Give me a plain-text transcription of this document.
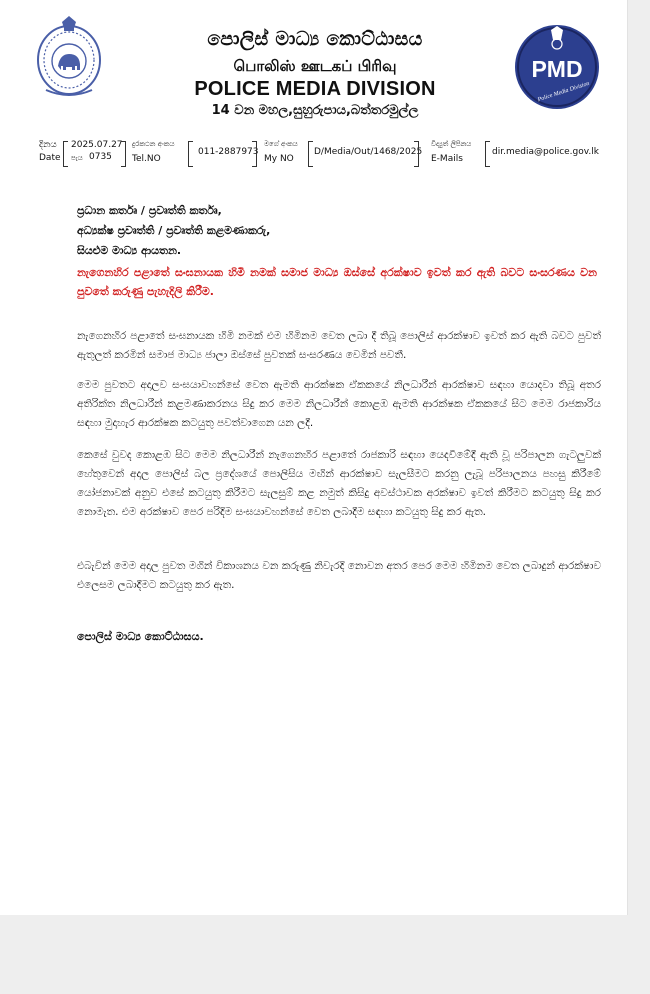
පොලිස් මාධ්‍ය කොට්ඨාසය
பொலிஸ் ஊடகப் பிரிவு
POLICE MEDIA DIVISION
14 වන මහල,සුහුරුපාය,බත්තරමුල්ල
PMD
Police Media Division
දිනය
Date
2025.07.27
පැය 0735
දුරකථන අංකය
Tel.NO
011-2887973
මගේ අංකය
My NO
D/Media/Out/1468/2025
විද්‍යුත් ලිපිනය
E-Mails
dir.media@police.gov.lk
ප්‍රධාන කර්තෘ / ප්‍රවෘත්ති කර්තෘ,
අධ්‍යක්ෂ ප්‍රවෘත්ති / ප්‍රවෘත්ති කළමණාකරු,
සියළුම මාධ්‍ය ආයතන.
නැගෙනහිර පළාතේ සංඝනායක හිමි නමක් සමාජ මාධ්‍ය ඔස්සේ අරක්ෂාව ඉවත් කර ඇති බවට සංසරණය වන පුවතේ කරුණු පැහැදිලි කිරීම.
නැගෙනහිර පළාතේ සංඝනායක හිමි නමක් එම හිමිනම වෙත ලබා දී තිබූ පොලිස් ආරක්ෂාව ඉවත් කර ඇති බවට පුවත් ඇතුලත් කරමින් සමාජ මාධ්‍ය ජාලා ඔස්සේ පුවතක් සංසරණය වෙමින් පවතී.
මෙම පුවතට අදාලව සංඝයාවහන්සේ වෙත ඇමති ආරක්ෂක ඒකකයේ නිලධාරීන් ආරක්ෂාව සඳහා යොදවා තිබූ අතර අතිරික්ත නිලධාරීන් කළමණාකරනය සිදු කර මෙම නිලධාරීන් කොළඹ ඇමති ආරක්ෂක ඒකකයේ සිට මෙම රාජකාරිය සඳහා මුදාහැර ආරක්ෂක කටයුතු පවත්වාගෙන යන ලදී.
කෙසේ වුවද කොළඹ සිට මෙම නිලධාරීන් නැගෙනහිර පළාතේ රාජකාරි සඳහා යෙදවීමේදී ඇති වූ පරිපාලන ගැටලුවක් හේතුවෙන් අදාල පොලිස් බල ප්‍රදේශයේ පොලිසිය මඟින් ආරක්ෂාව සැලසීමට කරනු ලැබූ පරිපාලනය පහසු කිරීමේ යෝජනාවක් අනුව එසේ කටයුතු කිරීමට සැලසුම් කළ නමුත් කිසිදු අවස්ථාවක අරක්ෂාව ඉවත් කිරීමට කටයුතු සිදු කර නොමැත. එම අරක්ෂාව පෙර පරිදිම සංඝයාවහන්සේ වෙත ලබාදීම සඳහා කටයුතු සිදු කර ඇත.
එබැවින් මෙම අදාල පුවත මගින් විකාශනය වන කරුණු නිවැරදි නොවන අතර පෙර මෙම හිමිනම වෙත ලබාදුන් ආරක්ෂාව එලෙසම ලබාදීමට කටයුතු කර ඇත.
පොලිස් මාධ්‍ය කොට්ඨාසය.
